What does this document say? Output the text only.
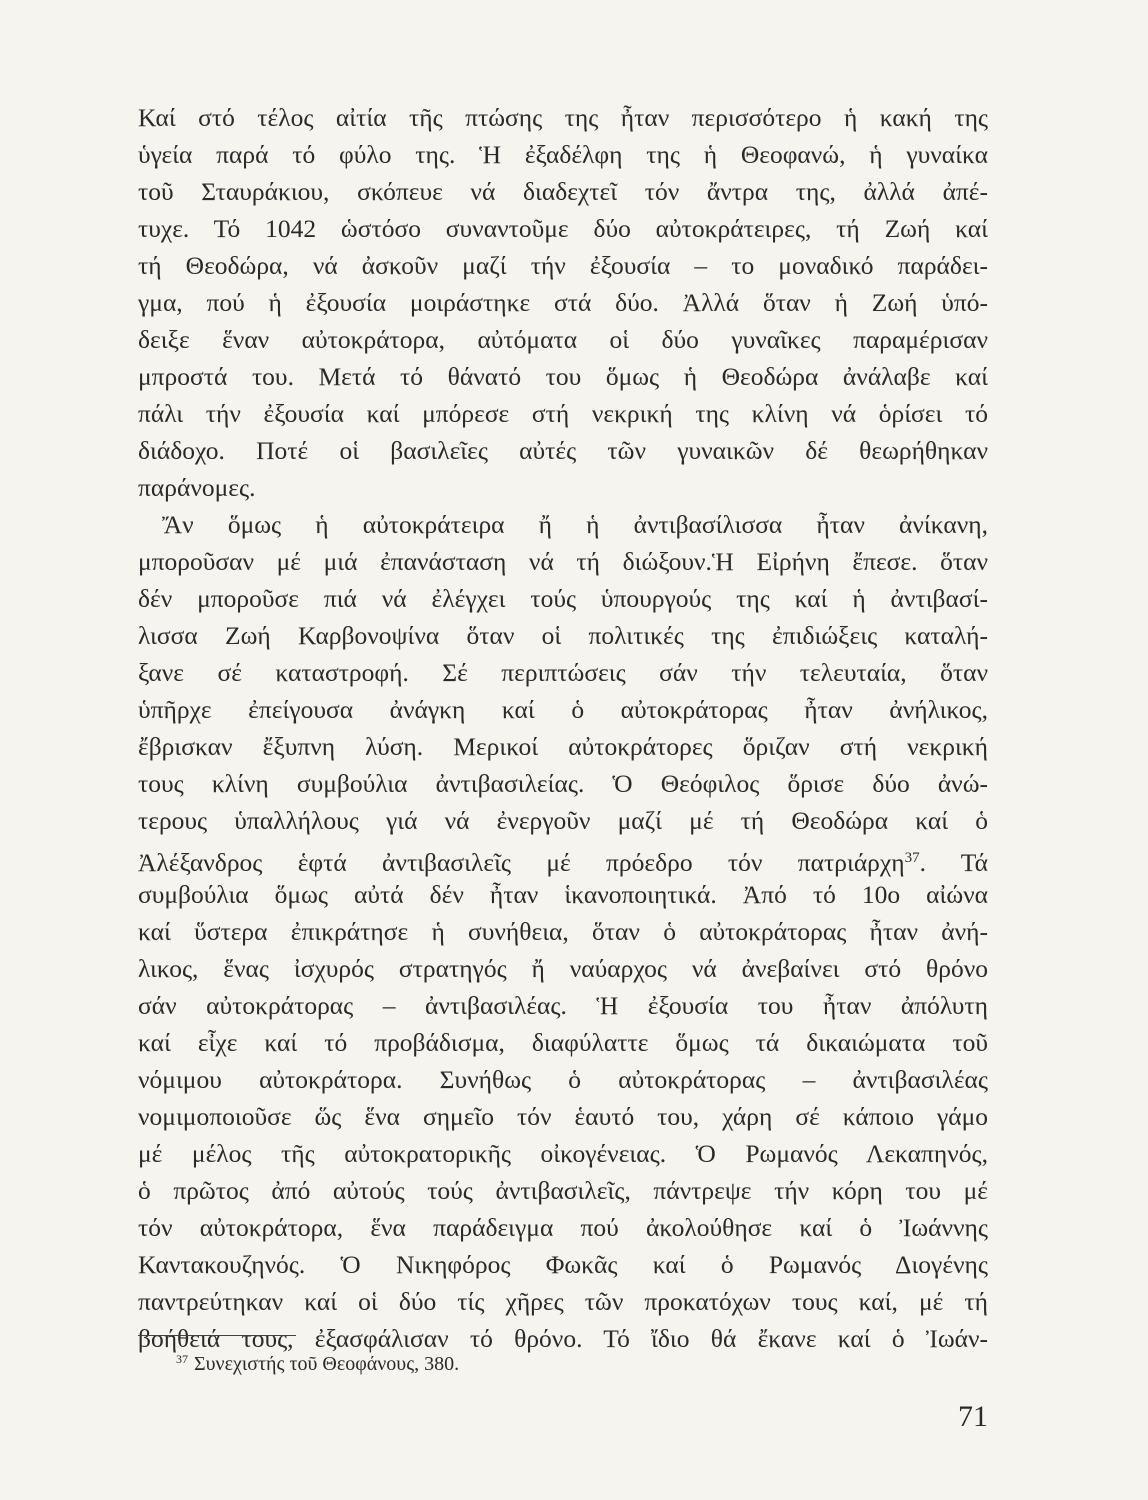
Καί στό τέλος αἰτία τῆς πτώσης της ἦταν περισσότερο ἡ κακή της
ὑγεία παρά τό φύλο της. Ἡ ἐξαδέλφη της ἡ Θεοφανώ, ἡ γυναίκα
τοῦ Σταυράκιου, σκόπευε νά διαδεχτεῖ τόν ἄντρα της, ἀλλά ἀπέ-
τυχε. Τό 1042 ὡστόσο συναντοῦμε δύο αὐτοκράτειρες, τή Ζωή καί
τή Θεοδώρα, νά ἀσκοῦν μαζί τήν ἐξουσία – το μοναδικό παράδει-
γμα, πού ἡ ἐξουσία μοιράστηκε στά δύο. Ἀλλά ὅταν ἡ Ζωή ὑπό-
δειξε ἕναν αὐτοκράτορα, αὐτόματα οἱ δύο γυναῖκες παραμέρισαν
μπροστά του. Μετά τό θάνατό του ὅμως ἡ Θεοδώρα ἀνάλαβε καί
πάλι τήν ἐξουσία καί μπόρεσε στή νεκρική της κλίνη νά ὁρίσει τό
διάδοχο. Ποτέ οἱ βασιλεῖες αὐτές τῶν γυναικῶν δέ θεωρήθηκαν
παράνομες.
Ἄν ὅμως ἡ αὐτοκράτειρα ἤ ἡ ἀντιβασίλισσα ἦταν ἀνίκανη,
μποροῦσαν μέ μιά ἐπανάσταση νά τή διώξουν.Ἡ Εἰρήνη ἔπεσε. ὅταν
δέν μποροῦσε πιά νά ἐλέγχει τούς ὑπουργούς της καί ἡ ἀντιβασί-
λισσα Ζωή Καρβονοψίνα ὅταν οἱ πολιτικές της ἐπιδιώξεις καταλή-
ξανε σέ καταστροφή. Σέ περιπτώσεις σάν τήν τελευταία, ὅταν
ὑπῆρχε ἐπείγουσα ἀνάγκη καί ὁ αὐτοκράτορας ἦταν ἀνήλικος,
ἔβρισκαν ἔξυπνη λύση. Μερικοί αὐτοκράτορες ὅριζαν στή νεκρική
τους κλίνη συμβούλια ἀντιβασιλείας. Ὁ Θεόφιλος ὅρισε δύο ἀνώ-
τερους ὑπαλλήλους γιά νά ἐνεργοῦν μαζί μέ τή Θεοδώρα καί ὁ
Ἀλέξανδρος ἑφτά ἀντιβασιλεῖς μέ πρόεδρο τόν πατριάρχη$^{37}$. Τά
συμβούλια ὅμως αὐτά δέν ἦταν ἱκανοποιητικά. Ἀπό τό 10ο αἰώνα
καί ὕστερα ἐπικράτησε ἡ συνήθεια, ὅταν ὁ αὐτοκράτορας ἦταν ἀνή-
λικος, ἕνας ἰσχυρός στρατηγός ἤ ναύαρχος νά ἀνεβαίνει στό θρόνο
σάν αὐτοκράτορας – ἀντιβασιλέας. Ἡ ἐξουσία του ἦταν ἀπόλυτη
καί εἶχε καί τό προβάδισμα, διαφύλαττε ὅμως τά δικαιώματα τοῦ
νόμιμου αὐτοκράτορα. Συνήθως ὁ αὐτοκράτορας – ἀντιβασιλέας
νομιμοποιοῦσε ὥς ἕνα σημεῖο τόν ἑαυτό του, χάρη σέ κάποιο γάμο
μέ μέλος τῆς αὐτοκρατορικῆς οἰκογένειας. Ὁ Ρωμανός Λεκαπηνός,
ὁ πρῶτος ἀπό αὐτούς τούς ἀντιβασιλεῖς, πάντρεψε τήν κόρη του μέ
τόν αὐτοκράτορα, ἕνα παράδειγμα πού ἀκολούθησε καί ὁ Ἰωάννης
Καντακουζηνός. Ὁ Νικηφόρος Φωκᾶς καί ὁ Ρωμανός Διογένης
παντρεύτηκαν καί οἱ δύο τίς χῆρες τῶν προκατόχων τους καί, μέ τή
βοήθειά τους, ἐξασφάλισαν τό θρόνο. Τό ἴδιο θά ἔκανε καί ὁ Ἰωάν-
$^{37}$ Συνεχιστής τοῦ Θεοφάνους, 380.
71
